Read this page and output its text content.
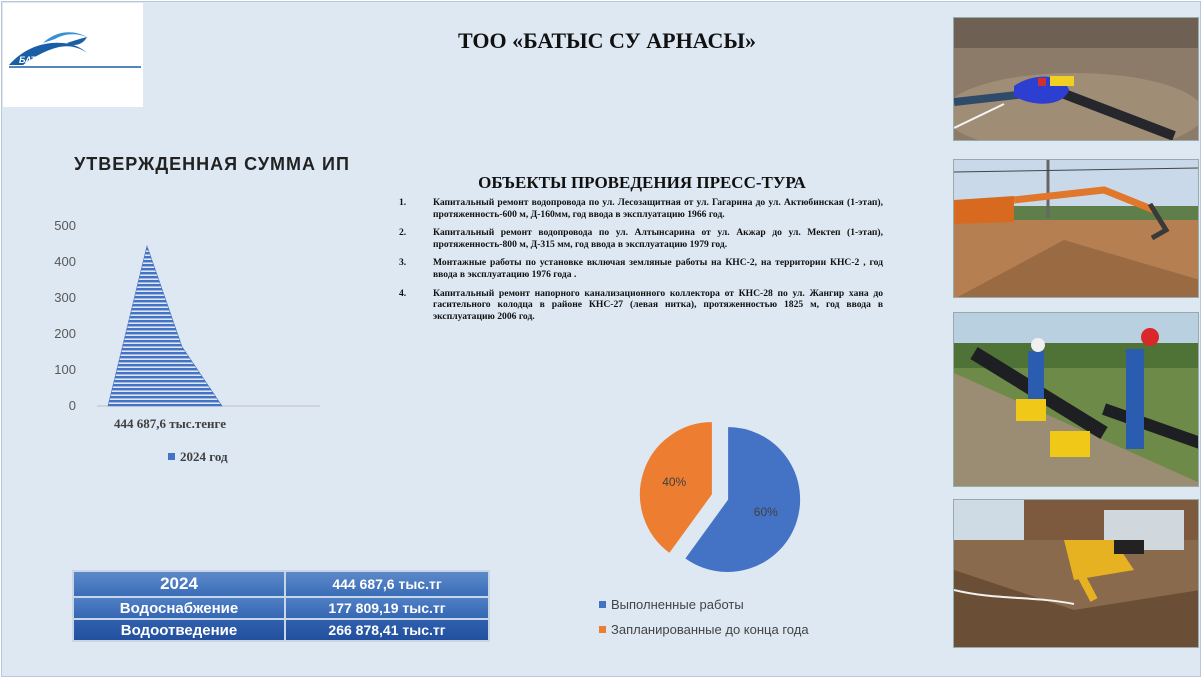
БАТЫС СУ АРНАСЫ
ТОО «БАТЫС СУ АРНАСЫ»
УТВЕРЖДЕННАЯ СУММА ИП
500
400
300
200
100
0
444 687,6 тыс.тенге
2024 год
ОБЪЕКТЫ ПРОВЕДЕНИЯ ПРЕСС-ТУРА
1.	Капитальный ремонт водопровода по ул. Лесозащитная от ул. Гагарина до ул. Актюбинская (1-этап), протяженность-600 м, Д-160мм, год ввода в эксплуатацию 1966 год.
2.	Капитальный ремонт водопровода по ул. Алтынсарина от ул. Акжар до ул. Мектеп (1-этап), протяженность-800 м, Д-315 мм, год ввода в эксплуатацию 1979 год.
3.	Монтажные работы по установке включая земляные работы на КНС-2, на территории КНС-2 , год ввода в эксплуатацию 1976 года .
4.	Капитальный ремонт напорного канализационного коллектора от КНС-28 по ул. Жангир хана до гасительного колодца в районе КНС-27 (левая нитка), протяженностью 1825 м, год ввода в эксплуатацию 2006 год.
60%
40%
Выполненные работы
Запланированные до конца года
2024	444 687,6 тыс.тг
Водоснабжение	177 809,19 тыс.тг
Водоотведение	266 878,41 тыс.тг
